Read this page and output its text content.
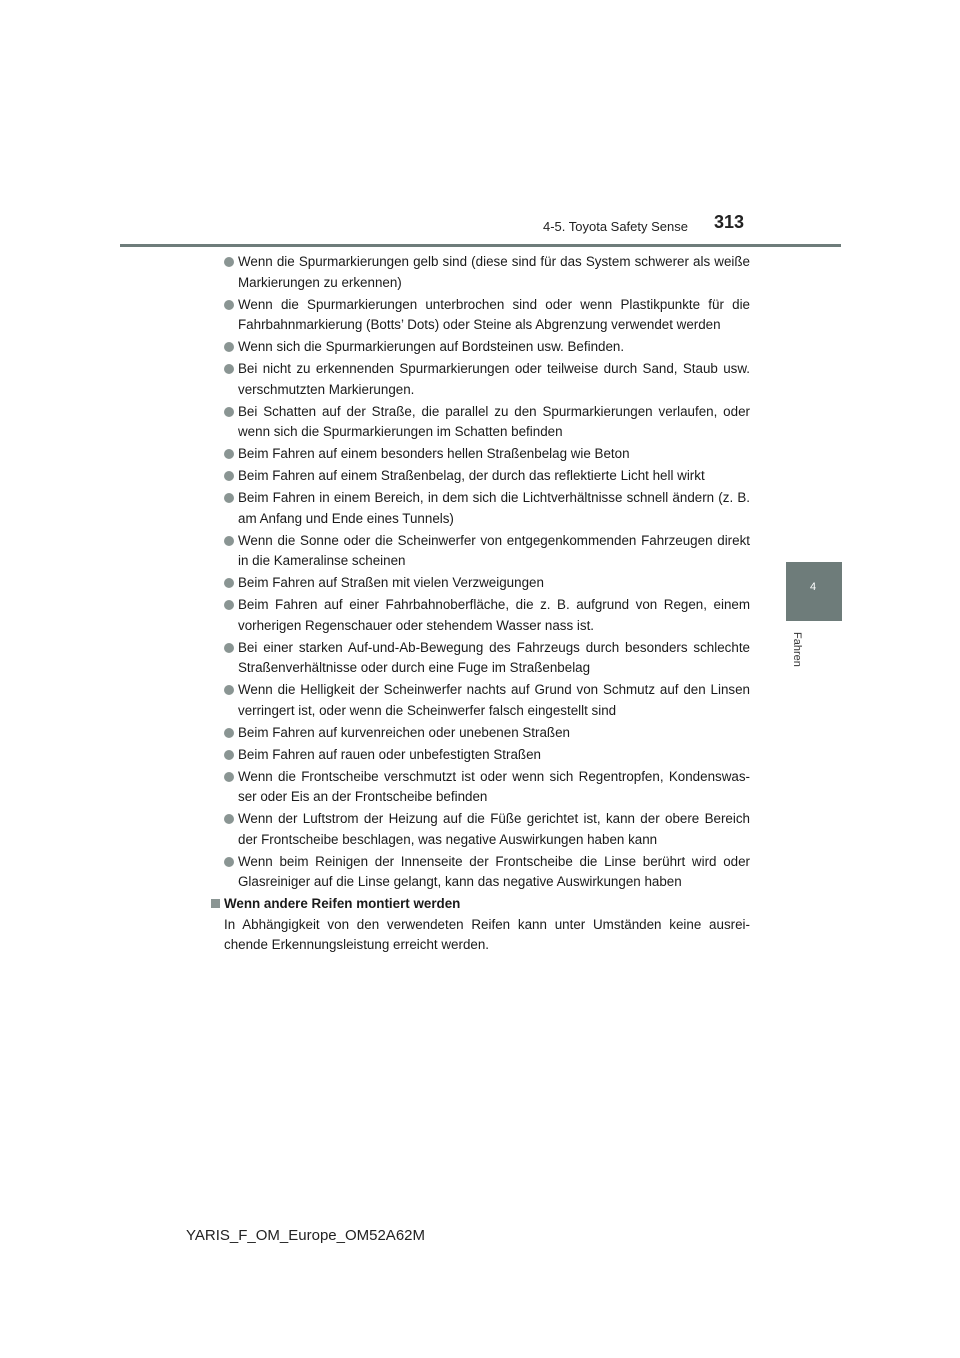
4-5. Toyota Safety Sense 313
4
Fahren
Wenn die Spurmarkierungen gelb sind (diese sind für das System schwerer als weiße Markierungen zu erkennen)
Wenn die Spurmarkierungen unterbrochen sind oder wenn Plastikpunkte für die Fahrbahnmarkierung (Botts’ Dots) oder Steine als Abgrenzung verwendet werden
Wenn sich die Spurmarkierungen auf Bordsteinen usw. Befinden.
Bei nicht zu erkennenden Spurmarkierungen oder teilweise durch Sand, Staub usw. verschmutzten Markierungen.
Bei Schatten auf der Straße, die parallel zu den Spurmarkierungen verlaufen, oder wenn sich die Spurmarkierungen im Schatten befinden
Beim Fahren auf einem besonders hellen Straßenbelag wie Beton
Beim Fahren auf einem Straßenbelag, der durch das reflektierte Licht hell wirkt
Beim Fahren in einem Bereich, in dem sich die Lichtverhältnisse schnell ändern (z. B. am Anfang und Ende eines Tunnels)
Wenn die Sonne oder die Scheinwerfer von entgegenkommenden Fahrzeugen direkt in die Kameralinse scheinen
Beim Fahren auf Straßen mit vielen Verzweigungen
Beim Fahren auf einer Fahrbahnoberfläche, die z. B. aufgrund von Regen, einem vorherigen Regenschauer oder stehendem Wasser nass ist.
Bei einer starken Auf-und-Ab-Bewegung des Fahrzeugs durch besonders schlechte Straßenverhältnisse oder durch eine Fuge im Straßenbelag
Wenn die Helligkeit der Scheinwerfer nachts auf Grund von Schmutz auf den Linsen verringert ist, oder wenn die Scheinwerfer falsch eingestellt sind
Beim Fahren auf kurvenreichen oder unebenen Straßen
Beim Fahren auf rauen oder unbefestigten Straßen
Wenn die Frontscheibe verschmutzt ist oder wenn sich Regentropfen, Kondenswas-ser oder Eis an der Frontscheibe befinden
Wenn der Luftstrom der Heizung auf die Füße gerichtet ist, kann der obere Bereich der Frontscheibe beschlagen, was negative Auswirkungen haben kann
Wenn beim Reinigen der Innenseite der Frontscheibe die Linse berührt wird oder Glasreiniger auf die Linse gelangt, kann das negative Auswirkungen haben
Wenn andere Reifen montiert werden
In Abhängigkeit von den verwendeten Reifen kann unter Umständen keine ausrei-chende Erkennungsleistung erreicht werden.
YARIS_F_OM_Europe_OM52A62M
